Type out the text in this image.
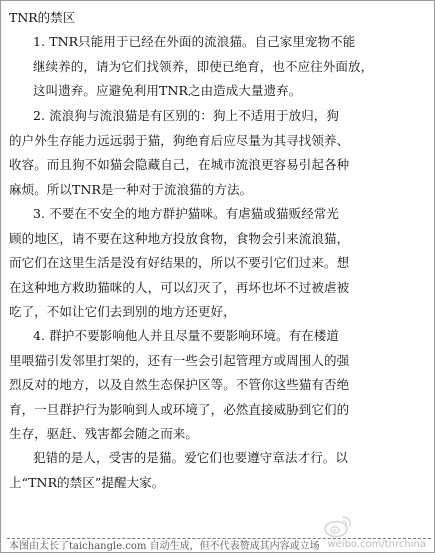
TNR的禁区

1. TNR只能用于已经在外面的流浪猫。自己家里宠物不能
继续养的，请为它们找领养，即使已绝育，也不应往外面放，
这叫遗弃。应避免利用TNR之由造成大量遗弃。

2. 流浪狗与流浪猫是有区别的：狗上不适用于放归，狗
的户外生存能力远远弱于猫，狗绝育后应尽量为其寻找领养、
收容。而且狗不如猫会隐藏自己，在城市流浪更容易引起各种
麻烦。所以TNR是一种对于流浪猫的方法。

3. 不要在不安全的地方群护猫咪。有虐猫或猫贩经常光
顾的地区，请不要在这种地方投放食物，食物会引来流浪猫，
而它们在这里生活是没有好结果的，所以不要引它们过来。想
在这种地方救助猫咪的人，可以幻灭了，再坏也坏不过被虐被
吃了，不如让它们去到别的地方还更好，

4. 群护不要影响他人并且尽量不要影响环境。有在楼道
里喂猫引发邻里打架的，还有一些会引起管理方或周围人的强
烈反对的地方，以及自然生态保护区等。不管你这些猫有否绝
育，一旦群护行为影响到人或环境了，必然直接威胁到它们的
生存，驱赶、残害都会随之而来。

犯错的是人，受害的是猫。爱它们也要遵守章法才行。以
上“TNR的禁区”提醒大家。

本图由太长了taichangle.com 自动生成，但不代表赞成其内容或立场 weibo.com/tnrchina
